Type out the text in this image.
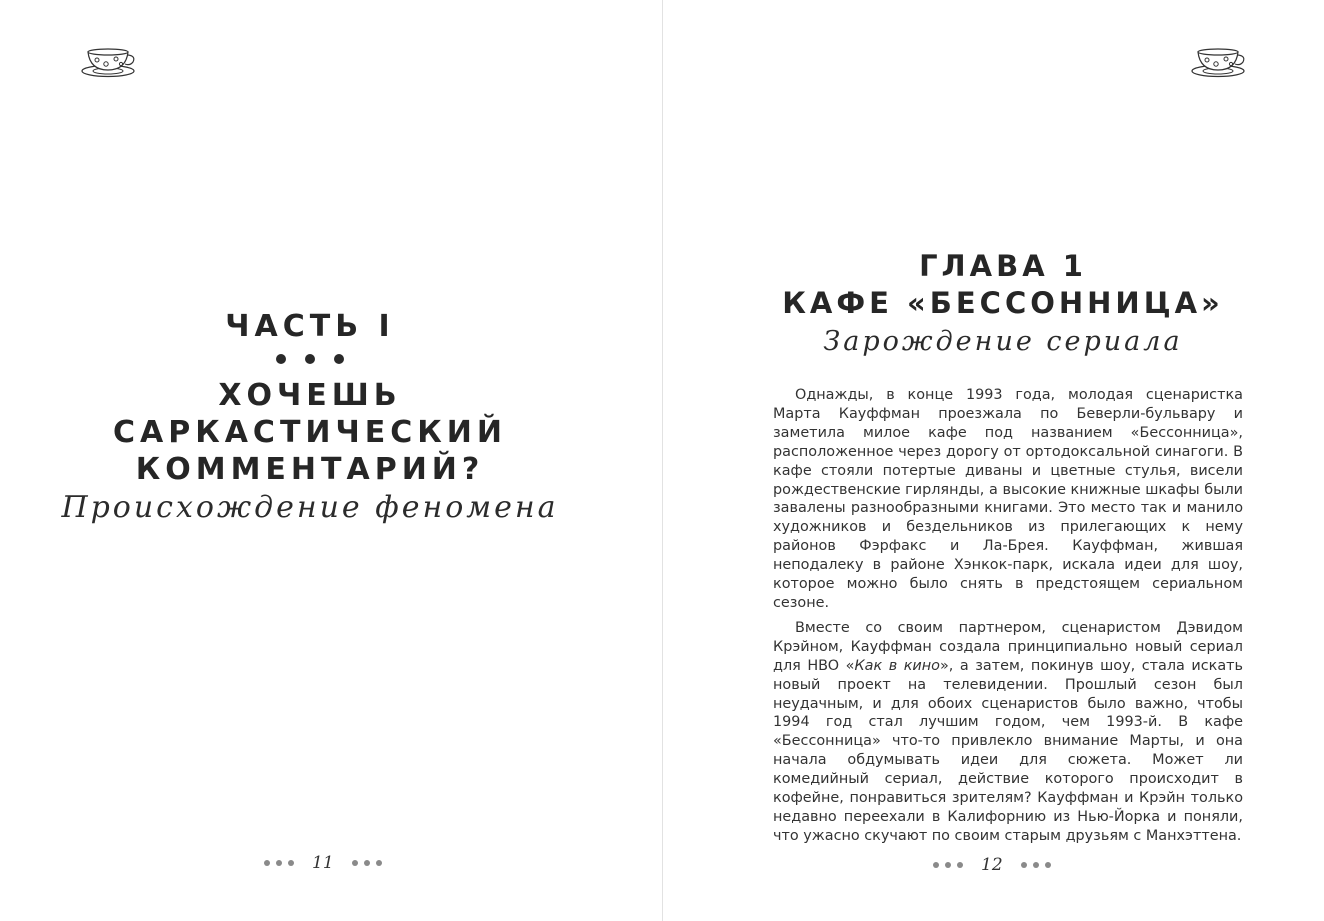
ЧАСТЬ I

ХОЧЕШЬ

САРКАСТИЧЕСКИЙ

КОММЕНТАРИЙ?

Происхождение феномена

11

ГЛАВА 1

КАФЕ «БЕССОННИЦА»

Зарождение сериала

Однажды, в конце 1993 года, молодая сценаристка Марта Кауффман проезжала по Беверли-бульвару и заметила милое кафе под названием «Бессонница», расположенное через дорогу от ортодоксальной синагоги. В кафе стояли потертые диваны и цветные стулья, висели рождественские гирлянды, а высокие книжные шкафы были завалены разнообразными книгами. Это место так и манило художников и бездельников из прилегающих к нему районов Фэрфакс и Ла-Брея. Кауффман, жившая неподалеку в районе Хэнкок-парк, искала идеи для шоу, которое можно было снять в предстоящем сериальном сезоне.

Вместе со своим партнером, сценаристом Дэвидом Крэйном, Кауффман создала принципиально новый сериал для HBO «Как в кино», а затем, покинув шоу, стала искать новый проект на телевидении. Прошлый сезон был неудачным, и для обоих сценаристов было важно, чтобы 1994 год стал лучшим годом, чем 1993-й. В кафе «Бессонница» что-то привлекло внимание Марты, и она начала обдумывать идеи для сюжета. Может ли комедийный сериал, действие которого происходит в кофейне, понравиться зрителям? Кауффман и Крэйн только недавно переехали в Калифорнию из Нью-Йорка и поняли, что ужасно скучают по своим старым друзьям с Манхэттена.

12
